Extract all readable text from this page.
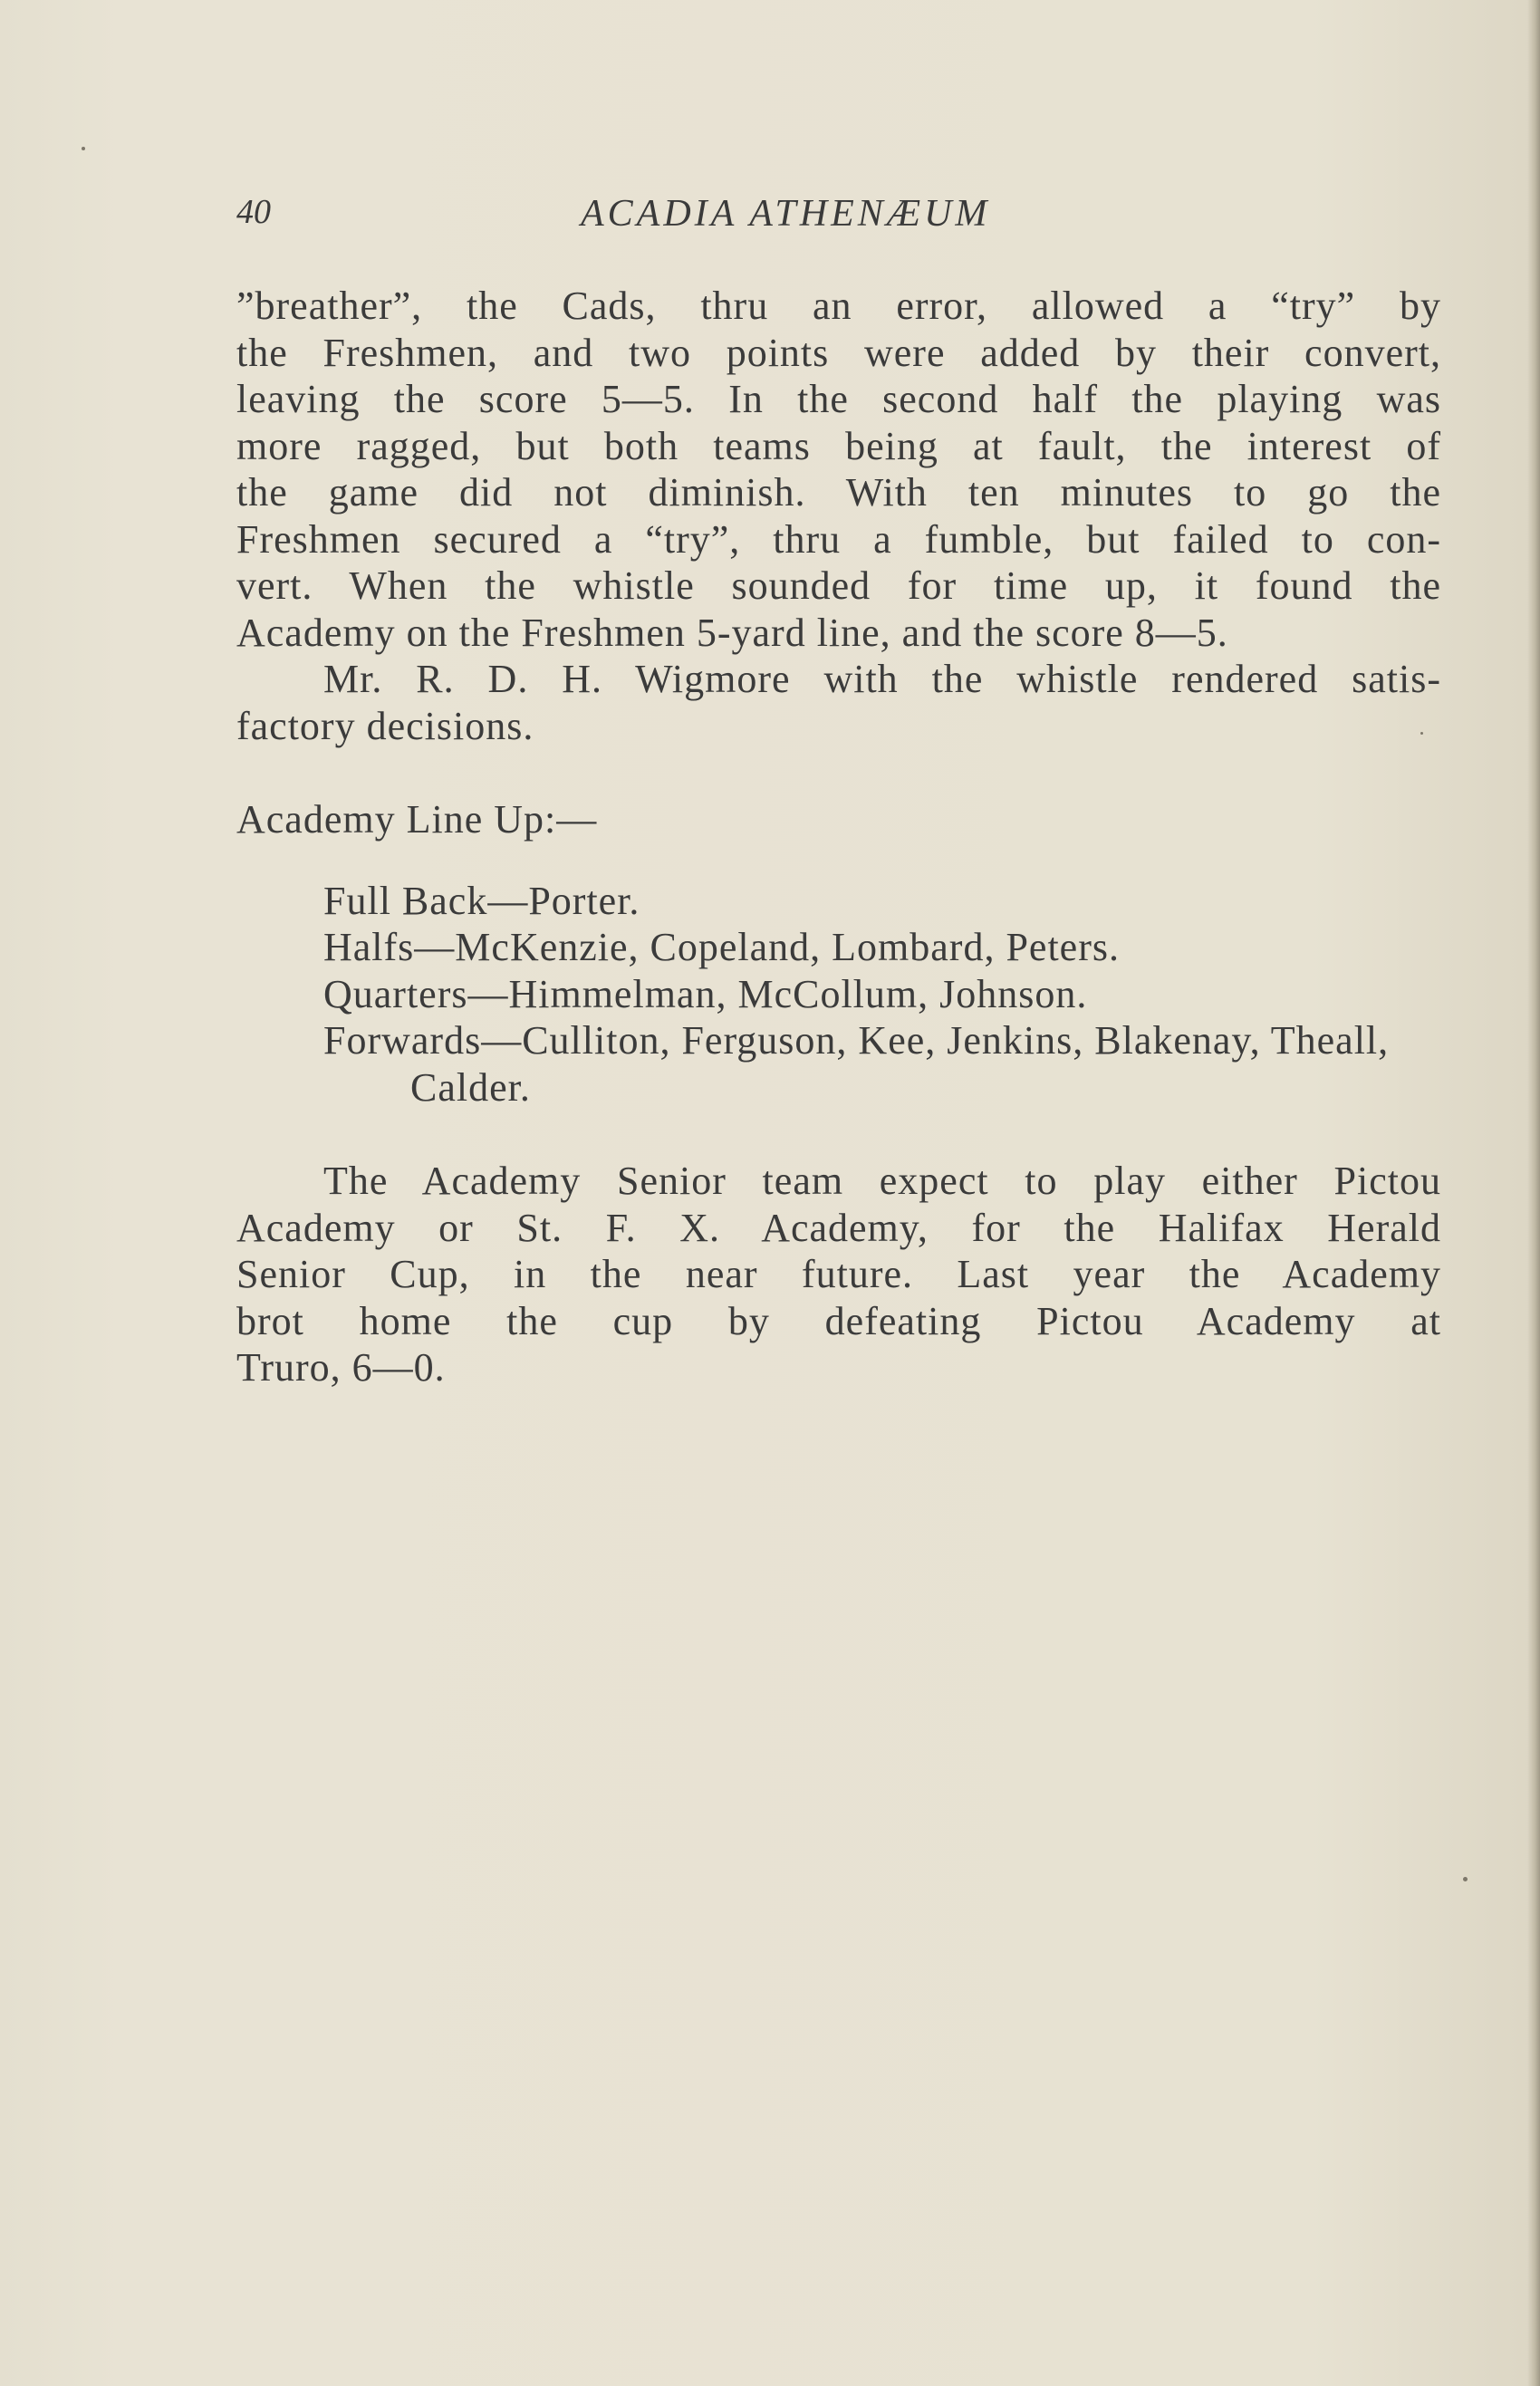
40	ACADIA ATHENÆUM

”breather”, the Cads, thru an error, allowed a “try” by

the Freshmen, and two points were added by their convert,

leaving the score 5—5. In the second half the playing was

more ragged, but both teams being at fault, the interest of

the game did not diminish. With ten minutes to go the

Freshmen secured a “try”, thru a fumble, but failed to con-

vert. When the whistle sounded for time up, it found the

Academy on the Freshmen 5-yard line, and the score 8—5.

Mr. R. D. H. Wigmore with the whistle rendered satis-

factory decisions.

Academy Line Up:—

Full Back—Porter.

Halfs—McKenzie, Copeland, Lombard, Peters.

Quarters—Himmelman, McCollum, Johnson.

Forwards—Culliton, Ferguson, Kee, Jenkins, Blakenay, Theall, Calder.

The Academy Senior team expect to play either Pictou

Academy or St. F. X. Academy, for the Halifax Herald

Senior Cup, in the near future. Last year the Academy

brot home the cup by defeating Pictou Academy at

Truro, 6—0.
